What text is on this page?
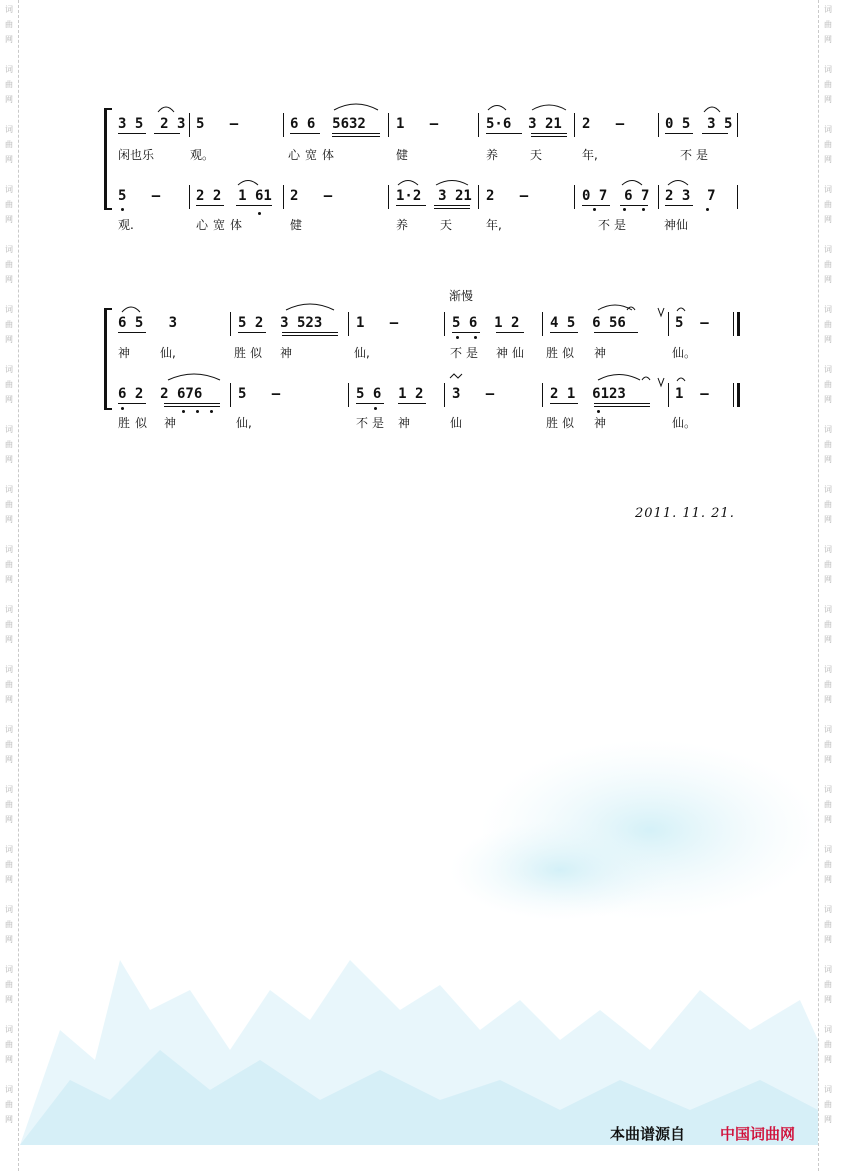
词
曲
网
词
曲
网
词
曲
网
词
曲
网
词
曲
网
词
曲
网
词
曲
网
词
曲
网
词
曲
网
词
曲
网
词
曲
网
词
曲
网
词
曲
网
词
曲
网
词
曲
网
词
曲
网
词
曲
网
词
曲
网
词
曲
网
词
曲
网
词
曲
网
词
曲
网
词
曲
网
词
曲
网
词
曲
网
词
曲
网
词
曲
网
词
曲
网
词
曲
网
词
曲
网
词
曲
网
词
曲
网
词
曲
网
词
曲
网
词
曲
网
词
曲
网
词
曲
网
词
曲
网
3 5  2 3 5   –	6 6  5632 1   –	5·6  3 21 2   –	0 5  3 5
闲也乐	观。	心宽体	健	养	天	年,	不是
5   –	2 2  1 61 2   –	1·2  3 21 2   –	0 7  6 7 2 3  7
观.	心宽体	健	养	天	年,	不是	神仙
渐慢
6 5   3	5 2  3 523 1   –	5 6  1 2 4 5  6 56	5  –
神 仙,	胜似 神	仙,	不是 神仙 胜似 神	仙。
6 2  2 676	5   –	5 6  1 2 3   –	2 1  6123	1  –
胜似 神	仙,	不是 神	仙	胜似 神	仙。
2011. 11. 21.
本曲谱源自 中国词曲网
